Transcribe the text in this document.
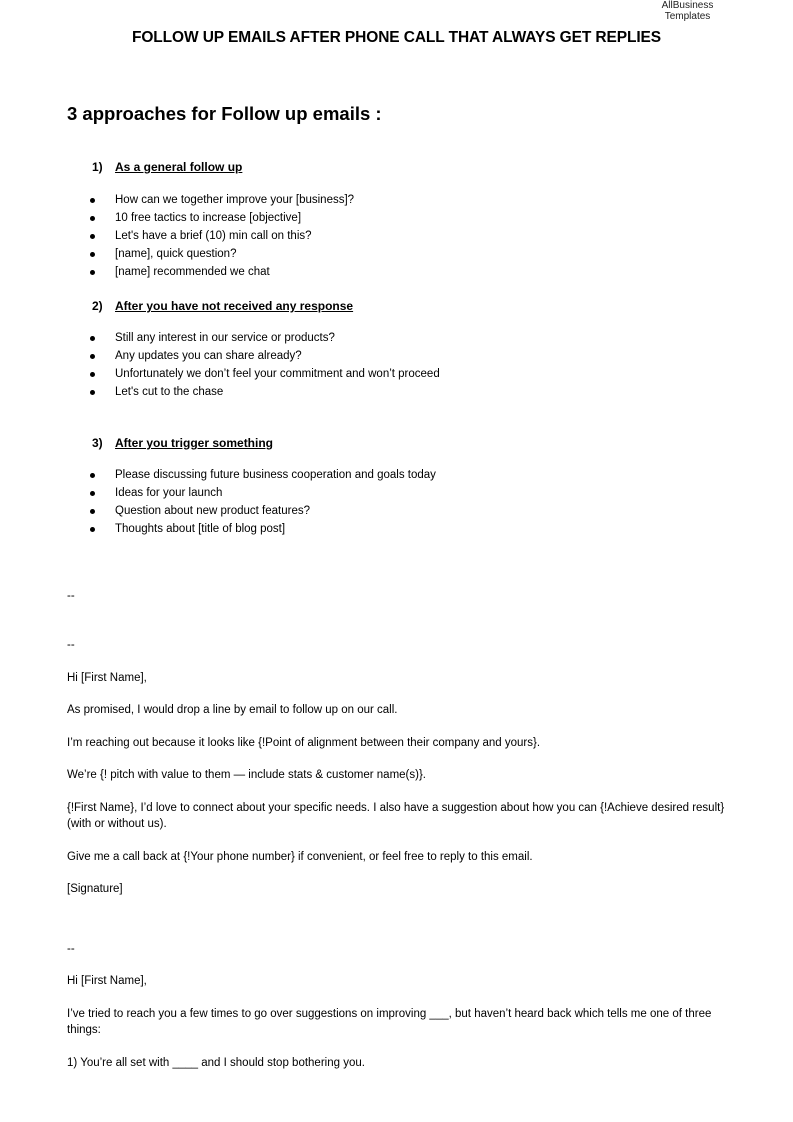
AllBusiness
Templates
FOLLOW UP EMAILS AFTER PHONE CALL THAT ALWAYS GET REPLIES
3 approaches for Follow up emails :
1) As a general follow up
How can we together improve your [business]?
10 free tactics to increase [objective]
Let's have a brief (10) min call on this?
[name], quick question?
[name] recommended we chat
2) After you have not received any response
Still any interest in our service or products?
Any updates you can share already?
Unfortunately we don’t feel your commitment and won’t proceed
Let's cut to the chase
3) After you trigger something
Please discussing future business cooperation and goals today
Ideas for your launch
Question about new product features?
Thoughts about [title of blog post]
--
--
Hi [First Name],
As promised, I would drop a line by email to follow up on our call.
I’m reaching out because it looks like {!Point of alignment between their company and yours}.
We’re {! pitch with value to them — include stats & customer name(s)}.
{!First Name}, I’d love to connect about your specific needs. I also have a suggestion about how you can {!Achieve desired result} (with or without us).
Give me a call back at {!Your phone number} if convenient, or feel free to reply to this email.
[Signature]
--
Hi [First Name],
I’ve tried to reach you a few times to go over suggestions on improving ___, but haven’t heard back which tells me one of three things:
1) You’re all set with ____ and I should stop bothering you.
